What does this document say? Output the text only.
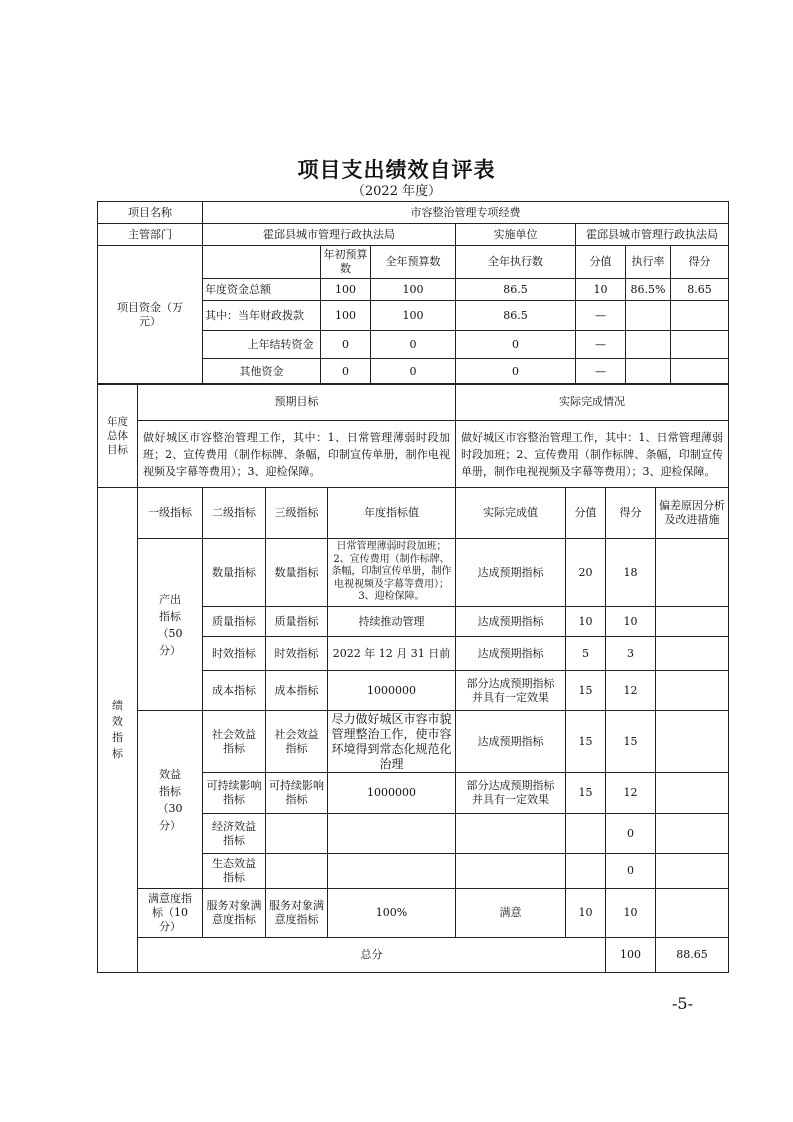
项目支出绩效自评表
（2022 年度）
项目名称	市容整治管理专项经费						
主管部门	霍邱县城市管理行政执法局			实施单位	霍邱县城市管理行政执法局		
项目资金（万元）		年初预算数	全年预算数	全年执行数	分值	执行率	得分
	年度资金总额	100	100	86.5	10	86.5%	8.65
	其中：当年财政拨款	100	100	86.5	—		
	上年结转资金	0	0	0	—		
	其他资金	0	0	0	—		
年度总体目标	预期目标	实际完成情况
	做好城区市容整治管理工作，其中：1、日常管理薄弱时段加班；2、宣传费用（制作标牌、条幅，印制宣传单册，制作电视视频及字幕等费用）；3、迎检保障。	做好城区市容整治管理工作，其中：1、日常管理薄弱时段加班；2、宣传费用（制作标牌、条幅，印制宣传单册，制作电视视频及字幕等费用）；3、迎检保障。
绩效指标	一级指标	二级指标	三级指标	年度指标值	实际完成值	分值	得分	偏差原因分析及改进措施	
	产出指标（50分）	数量指标	数量指标	日常管理薄弱时段加班；2、宣传费用（制作标牌、条幅，印制宣传单册，制作电视视频及字幕等费用）；3、迎检保障。	达成预期指标	20	18		
		质量指标	质量指标	持续推动管理	达成预期指标	10	10		
		时效指标	时效指标	2022 年 12 月 31 日前	达成预期指标	5	3		
		成本指标	成本指标	1000000	部分达成预期指标并具有一定效果	15	12		
	效益指标（30分）	社会效益指标	社会效益指标	尽力做好城区市容市貌管理整治工作，使市容环境得到常态化规范化治理	达成预期指标	15	15		
		可持续影响指标	可持续影响指标	1000000	部分达成预期指标并具有一定效果	15	12		
		经济效益指标					0		
		生态效益指标					0		
	满意度指标（10分）	服务对象满意度指标	服务对象满意度指标	100%	满意	10	10		
	总分						100	88.65	
-5-
